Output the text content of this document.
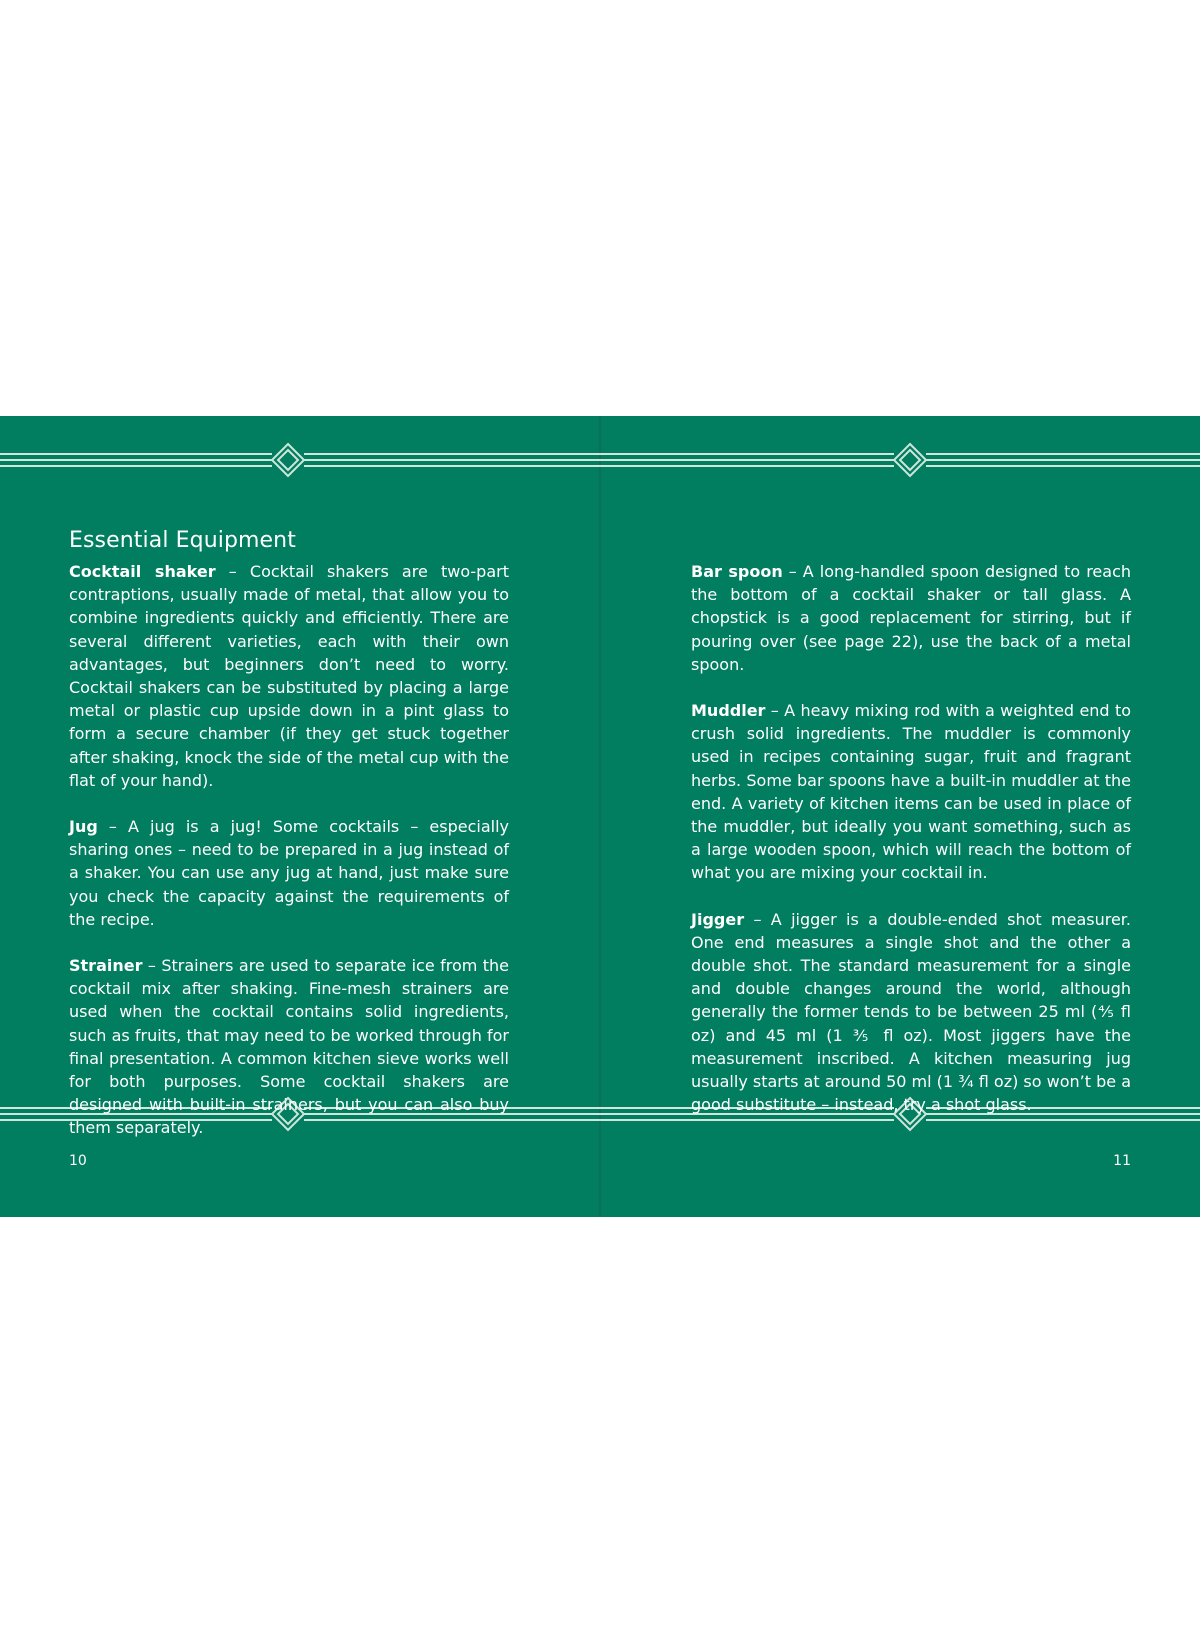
Essential Equipment

Cocktail shaker – Cocktail shakers are two-part contraptions, usually made of metal, that allow you to combine ingredients quickly and efficiently. There are several different varieties, each with their own advantages, but beginners don’t need to worry. Cocktail shakers can be substituted by placing a large metal or plastic cup upside down in a pint glass to form a secure chamber (if they get stuck together after shaking, knock the side of the metal cup with the flat of your hand).

Jug – A jug is a jug! Some cocktails – especially sharing ones – need to be prepared in a jug instead of a shaker. You can use any jug at hand, just make sure you check the capacity against the requirements of the recipe.

Strainer – Strainers are used to separate ice from the cocktail mix after shaking. Fine-mesh strainers are used when the cocktail contains solid ingredients, such as fruits, that may need to be worked through for final presentation. A common kitchen sieve works well for both purposes. Some cocktail shakers are designed with built-in strainers, but you can also buy them separately.

Bar spoon – A long-handled spoon designed to reach the bottom of a cocktail shaker or tall glass. A chopstick is a good replacement for stirring, but if pouring over (see page 22), use the back of a metal spoon.

Muddler – A heavy mixing rod with a weighted end to crush solid ingredients. The muddler is commonly used in recipes containing sugar, fruit and fragrant herbs. Some bar spoons have a built-in muddler at the end. A variety of kitchen items can be used in place of the muddler, but ideally you want something, such as a large wooden spoon, which will reach the bottom of what you are mixing your cocktail in.

Jigger – A jigger is a double-ended shot measurer. One end measures a single shot and the other a double shot. The standard measurement for a single and double changes around the world, although generally the former tends to be between 25 ml (⅘ fl oz) and 45 ml (1 ⅗ fl oz). Most jiggers have the measurement inscribed. A kitchen measuring jug usually starts at around 50 ml (1 ¾ fl oz) so won’t be a good substitute – instead, try a shot glass.

10	11
